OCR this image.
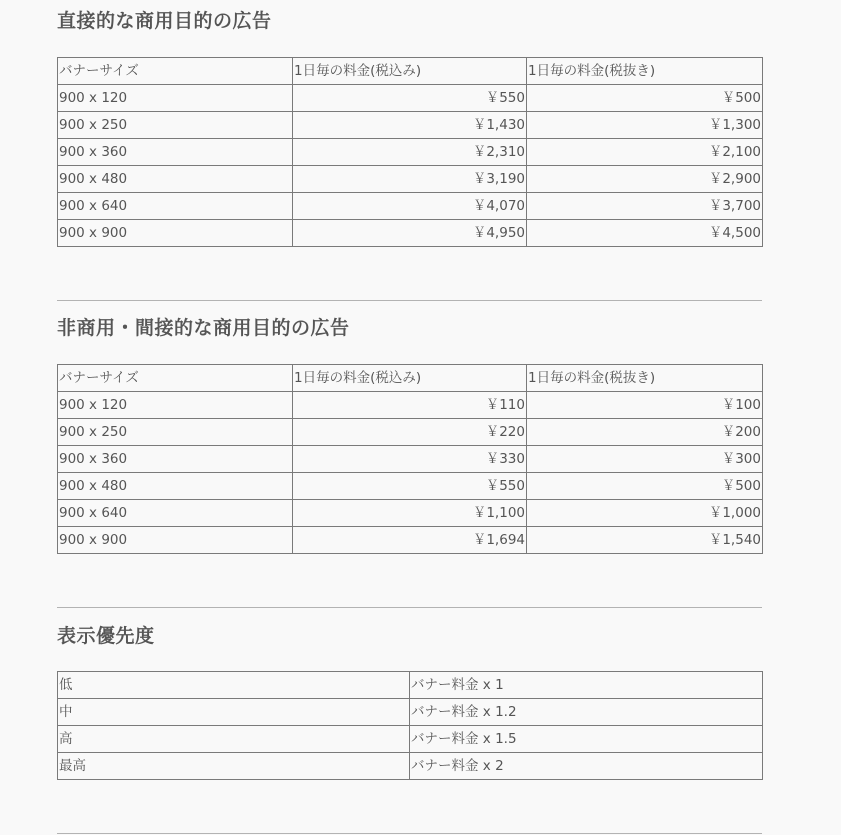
直接的な商用目的の広告
バナーサイズ	1日毎の料金(税込み)	1日毎の料金(税抜き)
900 x 120	￥550	￥500
900 x 250	￥1,430	￥1,300
900 x 360	￥2,310	￥2,100
900 x 480	￥3,190	￥2,900
900 x 640	￥4,070	￥3,700
900 x 900	￥4,950	￥4,500
非商用・間接的な商用目的の広告
バナーサイズ	1日毎の料金(税込み)	1日毎の料金(税抜き)
900 x 120	￥110	￥100
900 x 250	￥220	￥200
900 x 360	￥330	￥300
900 x 480	￥550	￥500
900 x 640	￥1,100	￥1,000
900 x 900	￥1,694	￥1,540
表示優先度
低	バナー料金 x 1
中	バナー料金 x 1.2
高	バナー料金 x 1.5
最高	バナー料金 x 2
